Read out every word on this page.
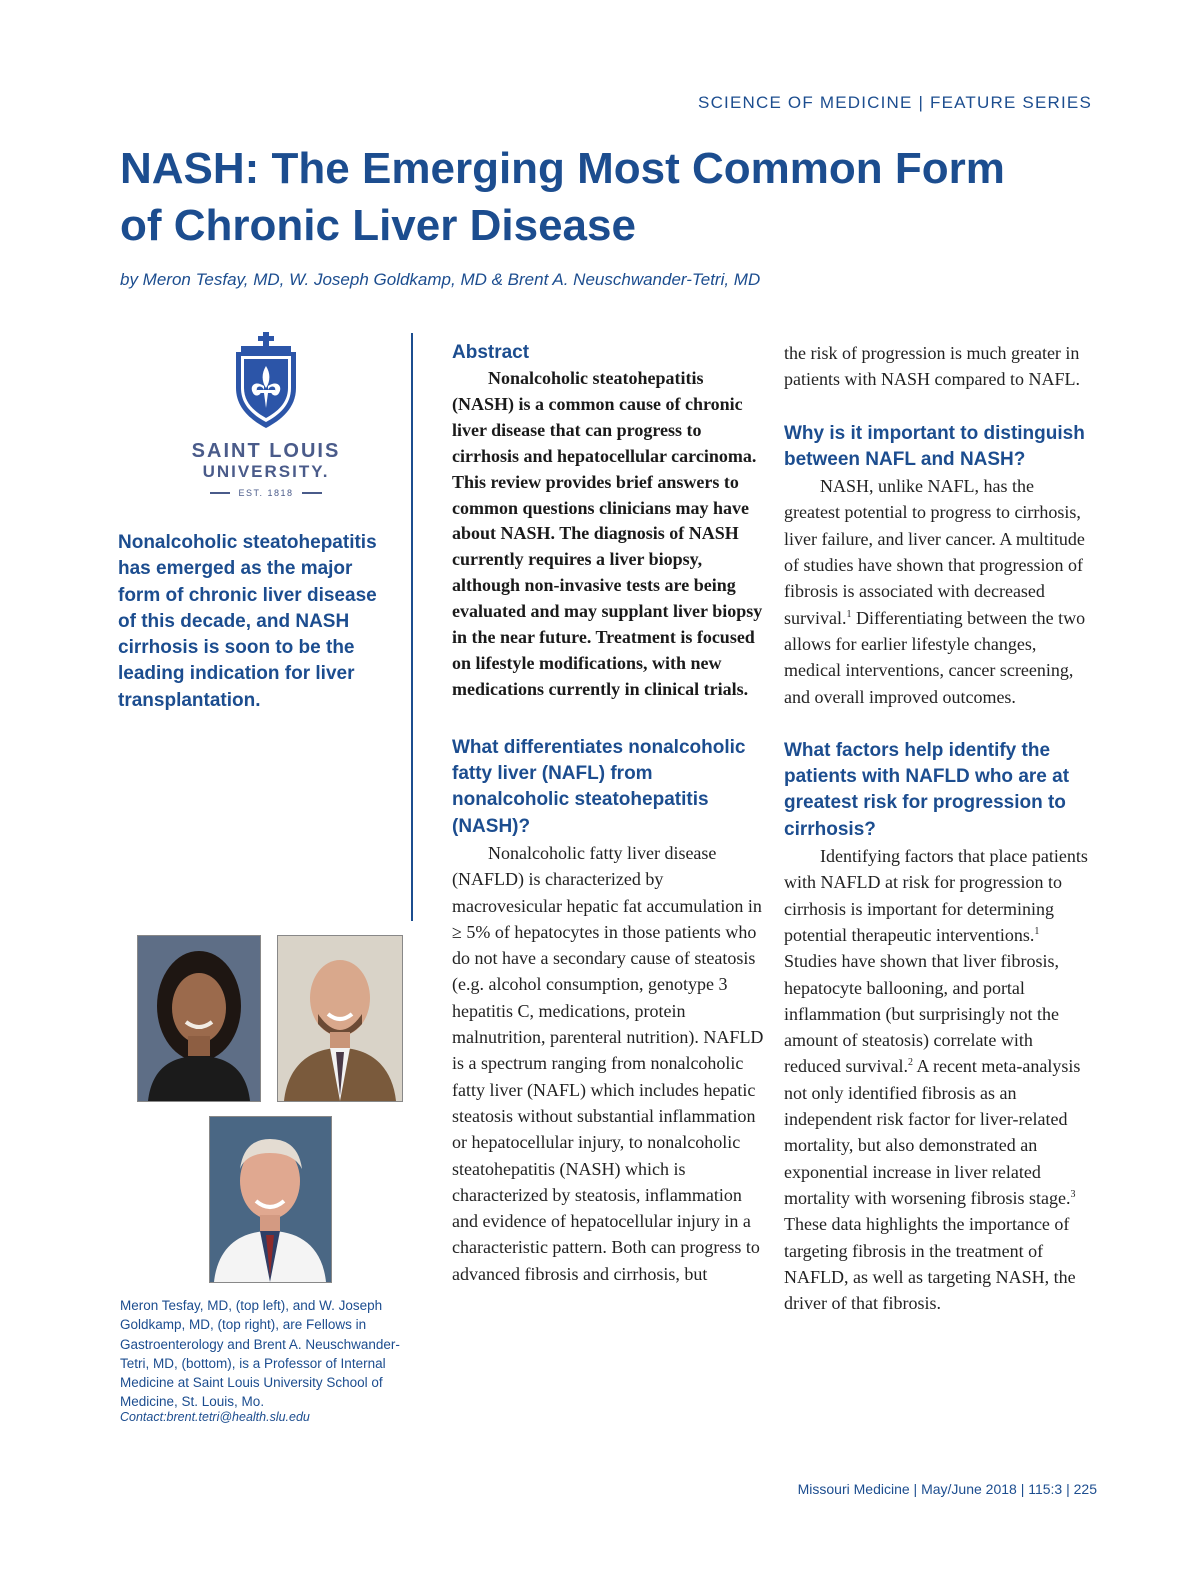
SCIENCE OF MEDICINE | FEATURE SERIES
NASH: The Emerging Most Common Form
of Chronic Liver Disease
by Meron Tesfay, MD, W. Joseph Goldkamp, MD & Brent A. Neuschwander-Tetri, MD
SAINT LOUIS
UNIVERSITY.
EST. 1818

Nonalcoholic steatohepatitis has emerged as the major form of chronic liver disease of this decade, and NASH cirrhosis is soon to be the leading indication for liver transplantation.

Meron Tesfay, MD, (top left), and W. Joseph Goldkamp, MD, (top right), are Fellows in Gastroenterology and Brent A. Neuschwander-Tetri, MD, (bottom), is a Professor of Internal Medicine at Saint Louis University School of Medicine, St. Louis, Mo.

Contact:brent.tetri@health.slu.edu
Abstract

Nonalcoholic steatohepatitis (NASH) is a common cause of chronic liver disease that can progress to cirrhosis and hepatocellular carcinoma. This review provides brief answers to common questions clinicians may have about NASH. The diagnosis of NASH currently requires a liver biopsy, although non-invasive tests are being evaluated and may supplant liver biopsy in the near future. Treatment is focused on lifestyle modifications, with new medications currently in clinical trials.

What differentiates nonalcoholic fatty liver (NAFL) from nonalcoholic steatohepatitis (NASH)?

Nonalcoholic fatty liver disease (NAFLD) is characterized by macrovesicular hepatic fat accumulation in ≥ 5% of hepatocytes in those patients who do not have a secondary cause of steatosis (e.g. alcohol consumption, genotype 3 hepatitis C, medications, protein malnutrition, parenteral nutrition). NAFLD is a spectrum ranging from nonalcoholic fatty liver (NAFL) which includes hepatic steatosis without substantial inflammation or hepatocellular injury, to nonalcoholic steatohepatitis (NASH) which is characterized by steatosis, inflammation and evidence of hepatocellular injury in a characteristic pattern. Both can progress to advanced fibrosis and cirrhosis, but

the risk of progression is much greater in patients with NASH compared to NAFL.

Why is it important to distinguish between NAFL and NASH?

NASH, unlike NAFL, has the greatest potential to progress to cirrhosis, liver failure, and liver cancer. A multitude of studies have shown that progression of fibrosis is associated with decreased survival.$^1$ Differentiating between the two allows for earlier lifestyle changes, medical interventions, cancer screening, and overall improved outcomes.

What factors help identify the patients with NAFLD who are at greatest risk for progression to cirrhosis?

Identifying factors that place patients with NAFLD at risk for progression to cirrhosis is important for determining potential therapeutic interventions.$^1$ Studies have shown that liver fibrosis, hepatocyte ballooning, and portal inflammation (but surprisingly not the amount of steatosis) correlate with reduced survival.$^2$ A recent meta-analysis not only identified fibrosis as an independent risk factor for liver-related mortality, but also demonstrated an exponential increase in liver related mortality with worsening fibrosis stage.$^3$ These data highlights the importance of targeting fibrosis in the treatment of NAFLD, as well as targeting NASH, the driver of that fibrosis.

Missouri Medicine | May/June 2018 | 115:3 | 225
